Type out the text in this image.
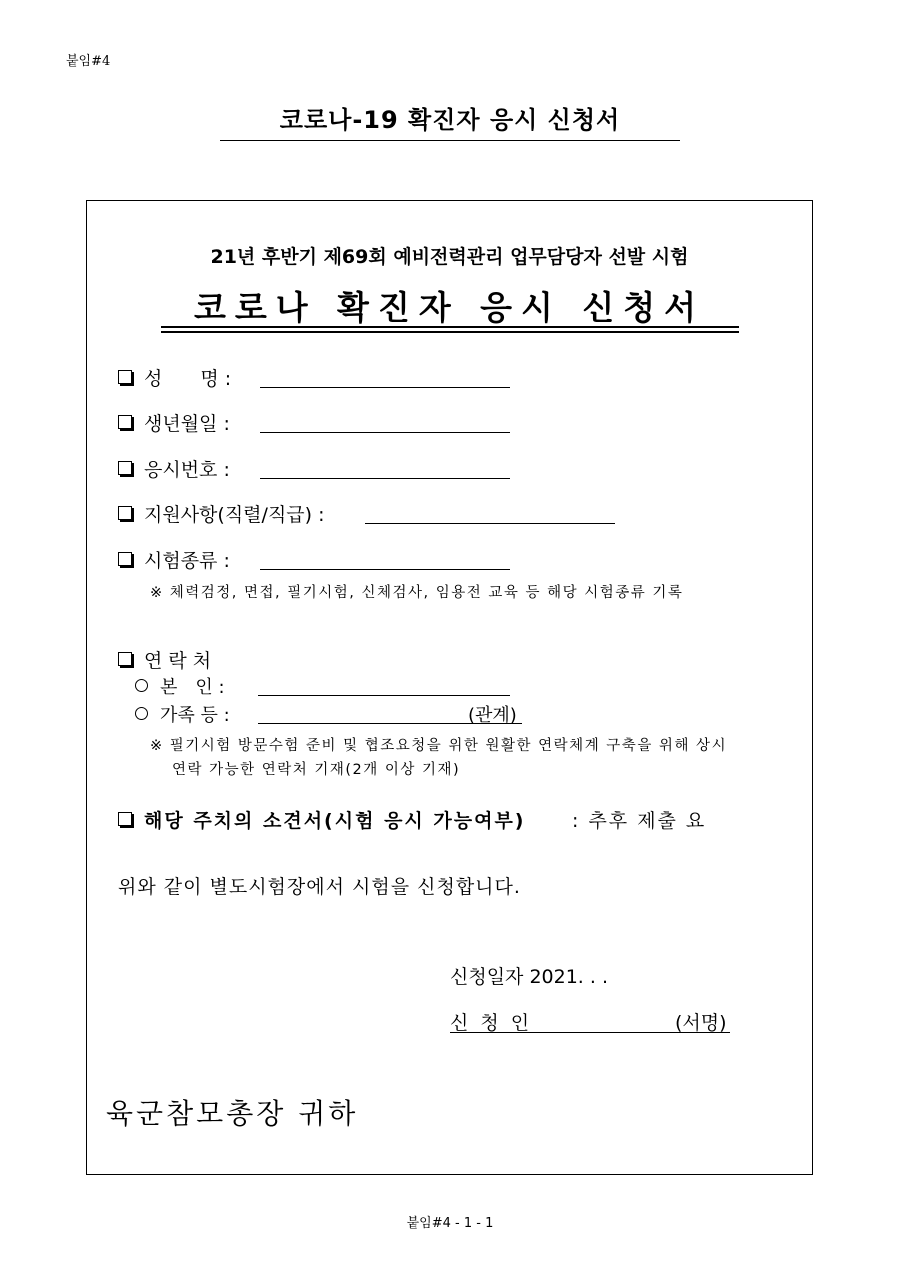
붙임#4
코로나-19 확진자 응시 신청서
21년 후반기 제69회 예비전력관리 업무담당자 선발 시험
코로나 확진자 응시 신청서
성　　명 :
생년월일 :
응시번호 :
지원사항(직렬/직급) :
시험종류 :
※ 체력검정, 면접, 필기시험, 신체검사, 임용전 교육 등 해당 시험종류 기록
연 락 처
본　인 :
가족 등 :	(관계)
※ 필기시험 방문수험 준비 및 협조요청을 위한 원활한 연락체계 구축을 위해 상시
연락 가능한 연락처 기재(2개 이상 기재)
해당 주치의 소견서(시험 응시 가능여부) : 추후 제출 요
위와 같이 별도시험장에서 시험을 신청합니다.
신청일자 2021. . .
신 청 인	(서명)
육군참모총장 귀하
붙임#4 - 1 - 1
